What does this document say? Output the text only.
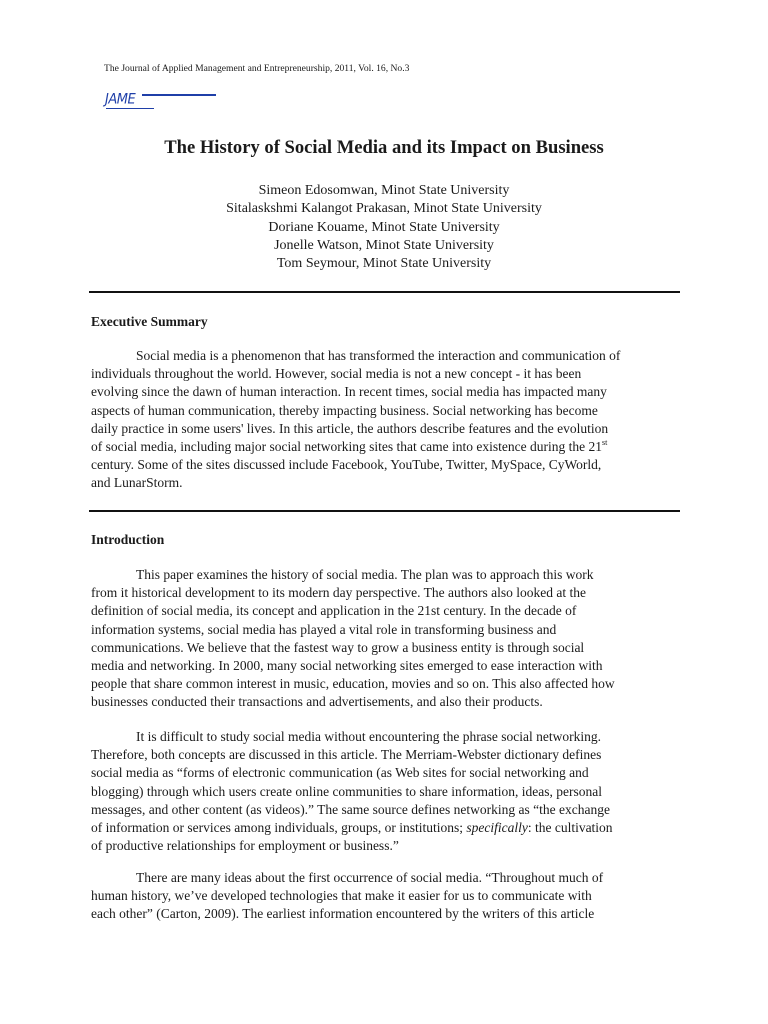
The Journal of Applied Management and Entrepreneurship, 2011, Vol. 16, No.3
JAME
The History of Social Media and its Impact on Business
Simeon Edosomwan, Minot State University
Sitalaskshmi Kalangot Prakasan, Minot State University
Doriane Kouame, Minot State University
Jonelle Watson, Minot State University
Tom Seymour, Minot State University
Executive Summary
Social media is a phenomenon that has transformed the interaction and communication of
individuals throughout the world. However, social media is not a new concept - it has been
evolving since the dawn of human interaction. In recent times, social media has impacted many
aspects of human communication, thereby impacting business. Social networking has become
daily practice in some users' lives. In this article, the authors describe features and the evolution
of social media, including major social networking sites that came into existence during the 21st
century. Some of the sites discussed include Facebook, YouTube, Twitter, MySpace, CyWorld,
and LunarStorm.
Introduction
This paper examines the history of social media. The plan was to approach this work
from it historical development to its modern day perspective. The authors also looked at the
definition of social media, its concept and application in the 21st century. In the decade of
information systems, social media has played a vital role in transforming business and
communications. We believe that the fastest way to grow a business entity is through social
media and networking. In 2000, many social networking sites emerged to ease interaction with
people that share common interest in music, education, movies and so on. This also affected how
businesses conducted their transactions and advertisements, and also their products.
It is difficult to study social media without encountering the phrase social networking.
Therefore, both concepts are discussed in this article. The Merriam-Webster dictionary defines
social media as “forms of electronic communication (as Web sites for social networking and
blogging) through which users create online communities to share information, ideas, personal
messages, and other content (as videos).” The same source defines networking as “the exchange
of information or services among individuals, groups, or institutions; specifically: the cultivation
of productive relationships for employment or business.”
There are many ideas about the first occurrence of social media. “Throughout much of
human history, we’ve developed technologies that make it easier for us to communicate with
each other” (Carton, 2009). The earliest information encountered by the writers of this article
